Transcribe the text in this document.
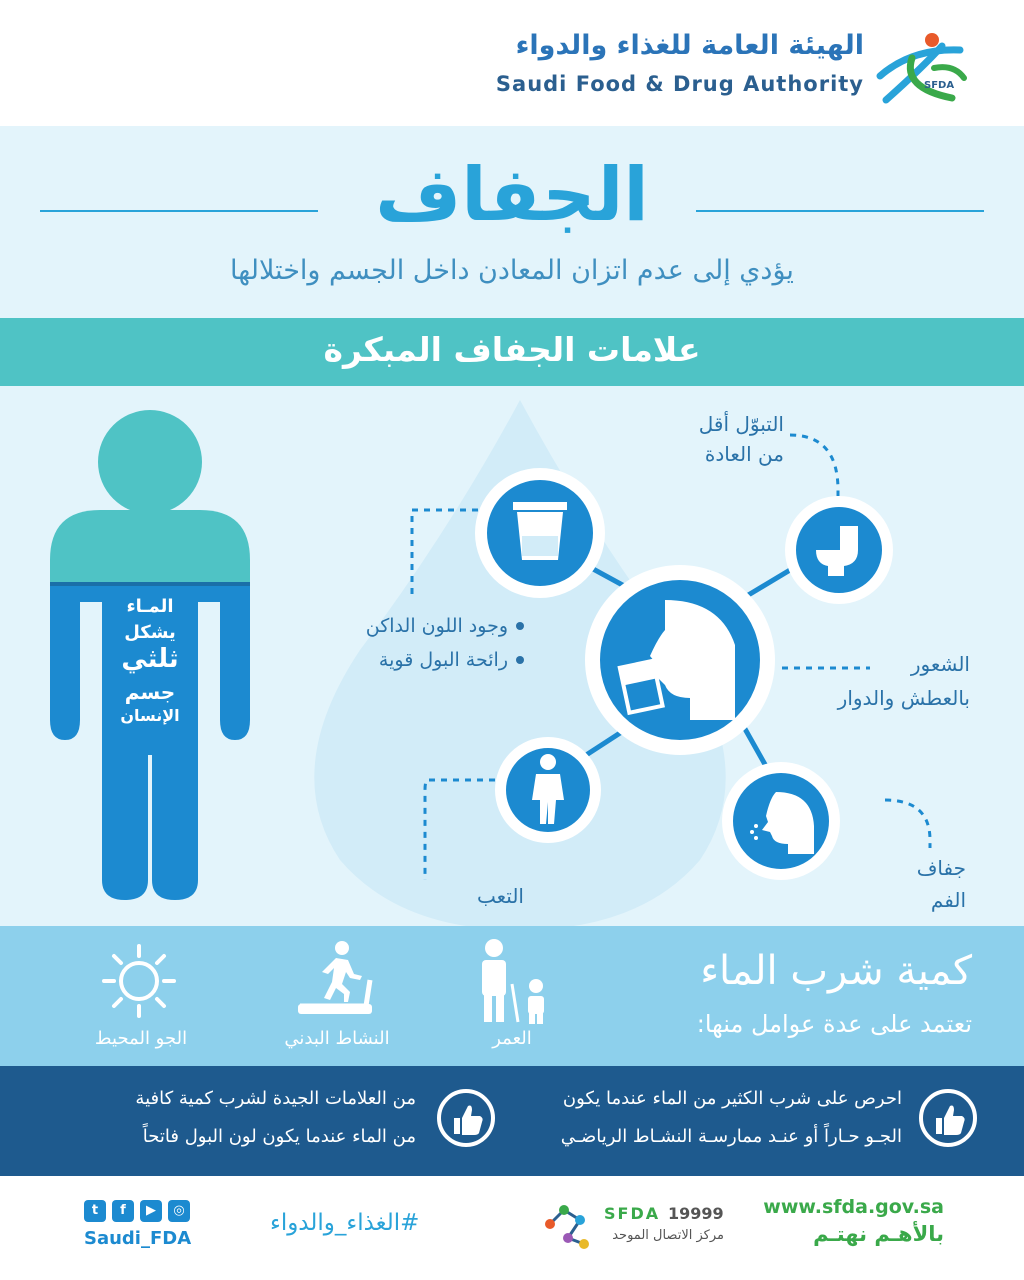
الهيئة العامة للغذاء والدواء
Saudi Food & Drug Authority	SFDA
الجفاف
يؤدي إلى عدم اتزان المعادن داخل الجسم واختلالها
علامات الجفاف المبكرة
المـاء
يشكل
ثلثي
جسم
الإنسان
التبوّل أقل
من العادة
وجود اللون الداكن
رائحة البول قوية	الشعور
بالعطش والدوار
التعب
جفاف
الفم
كمية شرب الماء
تعتمد على عدة عوامل منها:
العمر
النشاط البدني
الجو المحيط
احرص على شرب الكثير من الماء عندما يكون
الجـو حـاراً أو عنـد ممارسـة النشـاط الرياضـي
من العلامات الجيدة لشرب كمية كافية
من الماء عندما يكون لون البول فاتحاً
www.sfda.gov.sa
بالأهـم نهتـم
SFDA 19999
مركز الاتصال الموحد
#الغذاء_والدواء
t	f	▶	◎
Saudi_FDA
